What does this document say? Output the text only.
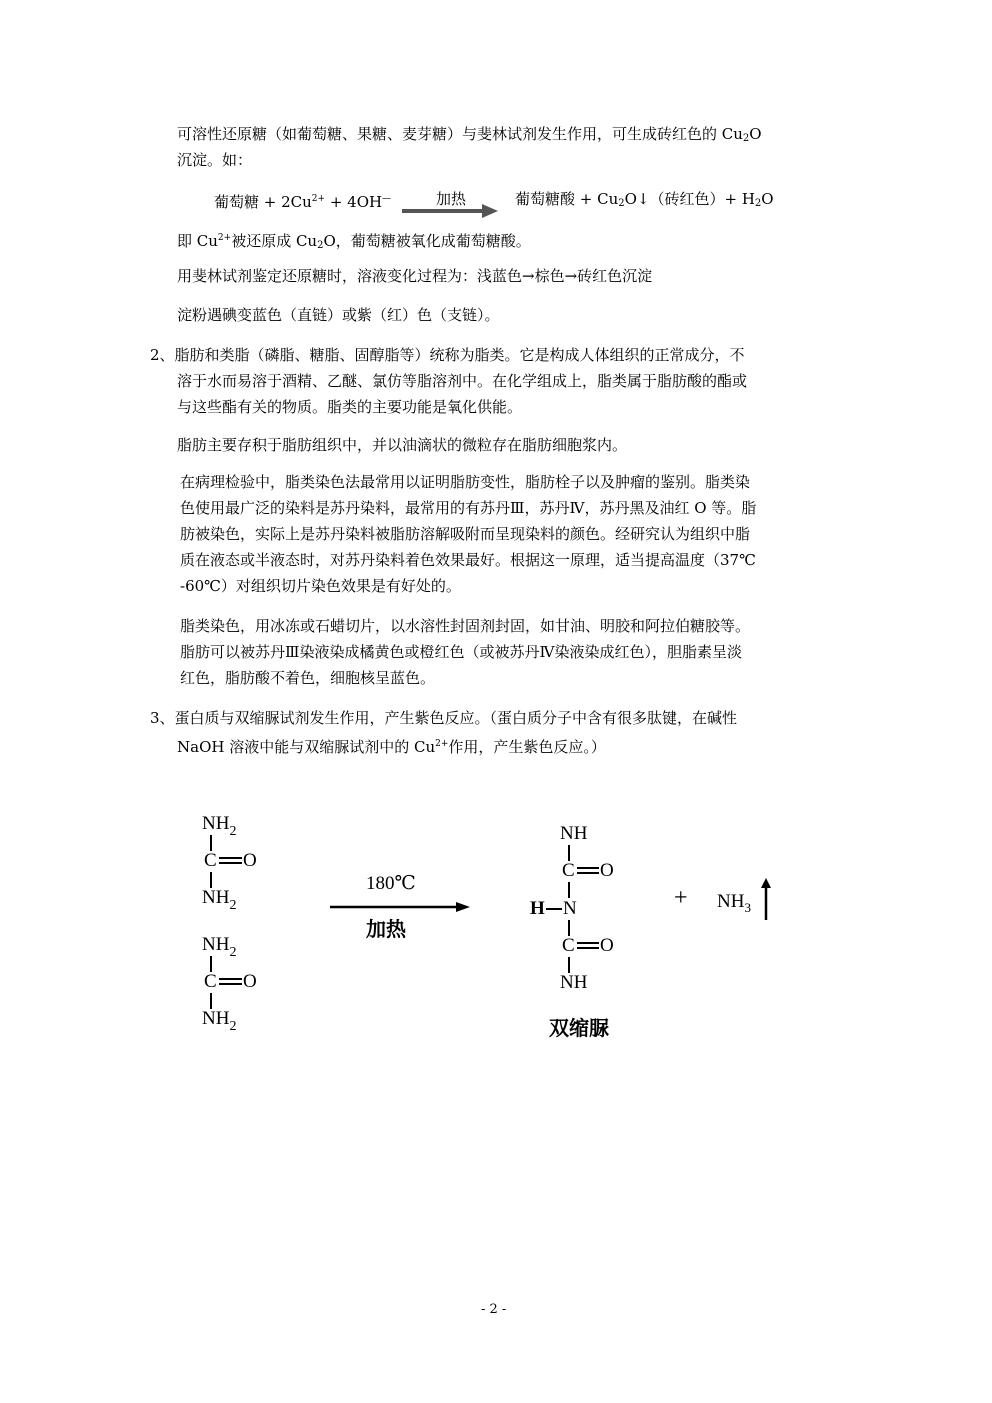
可溶性还原糖（如葡萄糖、果糖、麦芽糖）与斐林试剂发生作用，可生成砖红色的 $Cu_2O$
沉淀。如：
葡萄糖 + $2Cu^{2+} + 4OH^—$	加热	葡萄糖酸 + $Cu_2O↓$（砖红色）+ $H_2O$
即 $Cu^{2+}$被还原成 $Cu_2O$，葡萄糖被氧化成葡萄糖酸。
用斐林试剂鉴定还原糖时，溶液变化过程为：浅蓝色→棕色→砖红色沉淀
淀粉遇碘变蓝色（直链）或紫（红）色（支链）。
2、脂肪和类脂（磷脂、糖脂、固醇脂等）统称为脂类。它是构成人体组织的正常成分，不
溶于水而易溶于酒精、乙醚、氯仿等脂溶剂中。在化学组成上，脂类属于脂肪酸的酯或
与这些酯有关的物质。脂类的主要功能是氧化供能。
脂肪主要存积于脂肪组织中，并以油滴状的微粒存在脂肪细胞浆内。
在病理检验中，脂类染色法最常用以证明脂肪变性，脂肪栓子以及肿瘤的鉴别。脂类染
色使用最广泛的染料是苏丹染料，最常用的有苏丹Ⅲ，苏丹Ⅳ，苏丹黑及油红 O 等。脂
肪被染色，实际上是苏丹染料被脂肪溶解吸附而呈现染料的颜色。经研究认为组织中脂
质在液态或半液态时，对苏丹染料着色效果最好。根据这一原理，适当提高温度（37℃
-60℃）对组织切片染色效果是有好处的。
脂类染色，用冰冻或石蜡切片，以水溶性封固剂封固，如甘油、明胶和阿拉伯糖胶等。
脂肪可以被苏丹Ⅲ染液染成橘黄色或橙红色（或被苏丹Ⅳ染液染成红色），胆脂素呈淡
红色，脂肪酸不着色，细胞核呈蓝色。
3、蛋白质与双缩脲试剂发生作用，产生紫色反应。（蛋白质分子中含有很多肽键，在碱性
NaOH 溶液中能与双缩脲试剂中的 $Cu^{2+}$作用，产生紫色反应。）
$NH_2$
C O
$NH_2$
$NH_2$
C O
$NH_2$
180℃
加热
NH
C O
H N
C O
NH
双缩脲
+ $NH_3$
- 2 -
